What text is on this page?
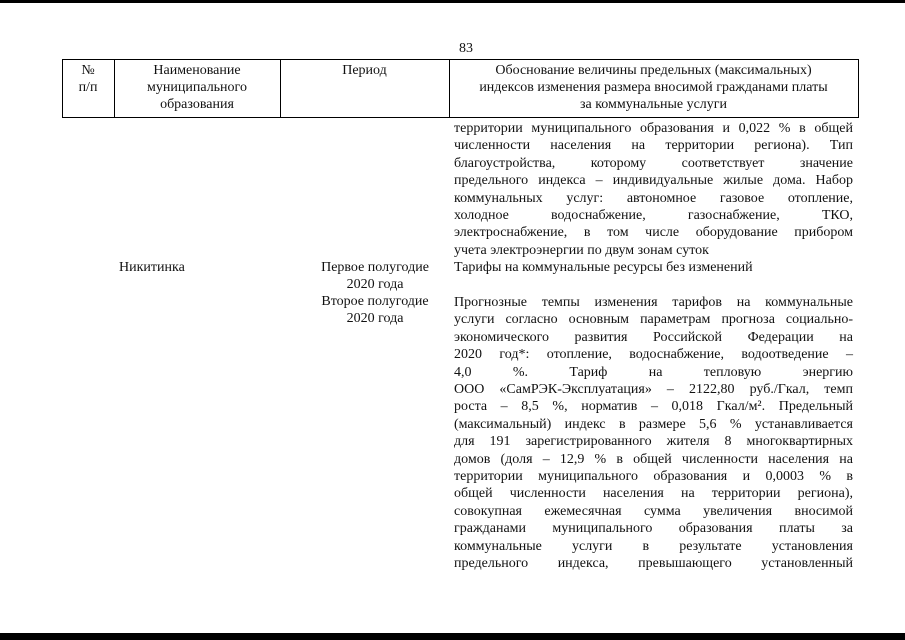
83
№
п/п
Наименование
муниципального
образования
Период	Обоснование величины предельных (максимальных)
индексов изменения размера вносимой гражданами платы
за коммунальные услуги
территории муниципального образования и 0,022 % в общей
численности населения на территории региона). Тип
благоустройства, которому соответствует значение
предельного индекса – индивидуальные жилые дома. Набор
коммунальных услуг: автономное газовое отопление,
холодное водоснабжение, газоснабжение, ТКО,
электроснабжение, в том числе оборудование прибором
учета электроэнергии по двум зонам суток
Никитинка	Первое полугодие
2020 года
Тарифы на коммунальные ресурсы без изменений
Второе полугодие
2020 года
Прогнозные темпы изменения тарифов на коммунальные
услуги согласно основным параметрам прогноза социально-
экономического развития Российской Федерации на
2020 год*: отопление, водоснабжение, водоотведение –
4,0 %. Тариф на тепловую энергию
ООО «СамРЭК-Эксплуатация» – 2122,80 руб./Гкал, темп
роста – 8,5 %, норматив – 0,018 Гкал/м². Предельный
(максимальный) индекс в размере 5,6 % устанавливается
для 191 зарегистрированного жителя 8 многоквартирных
домов (доля – 12,9 % в общей численности населения на
территории муниципального образования и 0,0003 % в
общей численности населения на территории региона),
совокупная ежемесячная сумма увеличения вносимой
гражданами муниципального образования платы за
коммунальные услуги в результате установления
предельного индекса, превышающего установленный
